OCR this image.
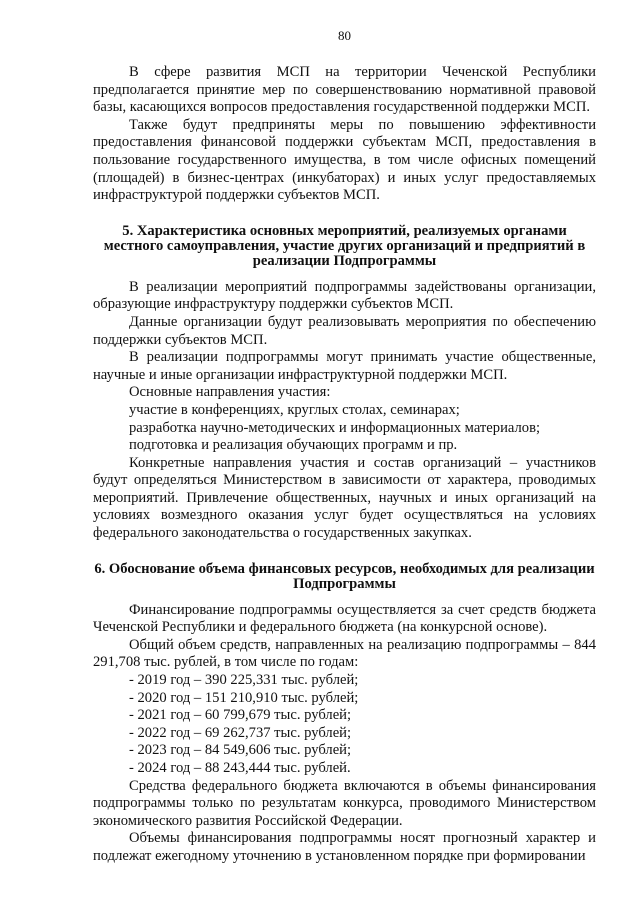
80

В сфере развития МСП на территории Чеченской Республики предполагается принятие мер по совершенствованию нормативной правовой базы, касающихся вопросов предоставления государственной поддержки МСП.

Также будут предприняты меры по повышению эффективности предоставления финансовой поддержки субъектам МСП, предоставления в пользование государственного имущества, в том числе офисных помещений (площадей) в бизнес-центрах (инкубаторах) и иных услуг предоставляемых инфраструктурой поддержки субъектов МСП.

5. Характеристика основных мероприятий, реализуемых органами местного самоуправления, участие других организаций и предприятий в реализации Подпрограммы

В реализации мероприятий подпрограммы задействованы организации, образующие инфраструктуру поддержки субъектов МСП.

Данные организации будут реализовывать мероприятия по обеспечению поддержки субъектов МСП.

В реализации подпрограммы могут принимать участие общественные, научные и иные организации инфраструктурной поддержки МСП.

Основные направления участия:

участие в конференциях, круглых столах, семинарах;

разработка научно-методических и информационных материалов;

подготовка и реализация обучающих программ и пр.

Конкретные направления участия и состав организаций – участников будут определяться Министерством в зависимости от характера, проводимых мероприятий. Привлечение общественных, научных и иных организаций на условиях возмездного оказания услуг будет осуществляться на условиях федерального законодательства о государственных закупках.

6. Обоснование объема финансовых ресурсов, необходимых для реализации Подпрограммы

Финансирование подпрограммы осуществляется за счет средств бюджета Чеченской Республики и федерального бюджета (на конкурсной основе).

Общий объем средств, направленных на реализацию подпрограммы – 844 291,708 тыс. рублей, в том числе по годам:

- 2019 год – 390 225,331 тыс. рублей;

- 2020 год – 151 210,910 тыс. рублей;

- 2021 год – 60 799,679 тыс. рублей;

- 2022 год – 69 262,737 тыс. рублей;

- 2023 год – 84 549,606 тыс. рублей;

- 2024 год – 88 243,444 тыс. рублей.

Средства федерального бюджета включаются в объемы финансирования подпрограммы только по результатам конкурса, проводимого Министерством экономического развития Российской Федерации.

Объемы финансирования подпрограммы носят прогнозный характер и подлежат ежегодному уточнению в установленном порядке при формировании
